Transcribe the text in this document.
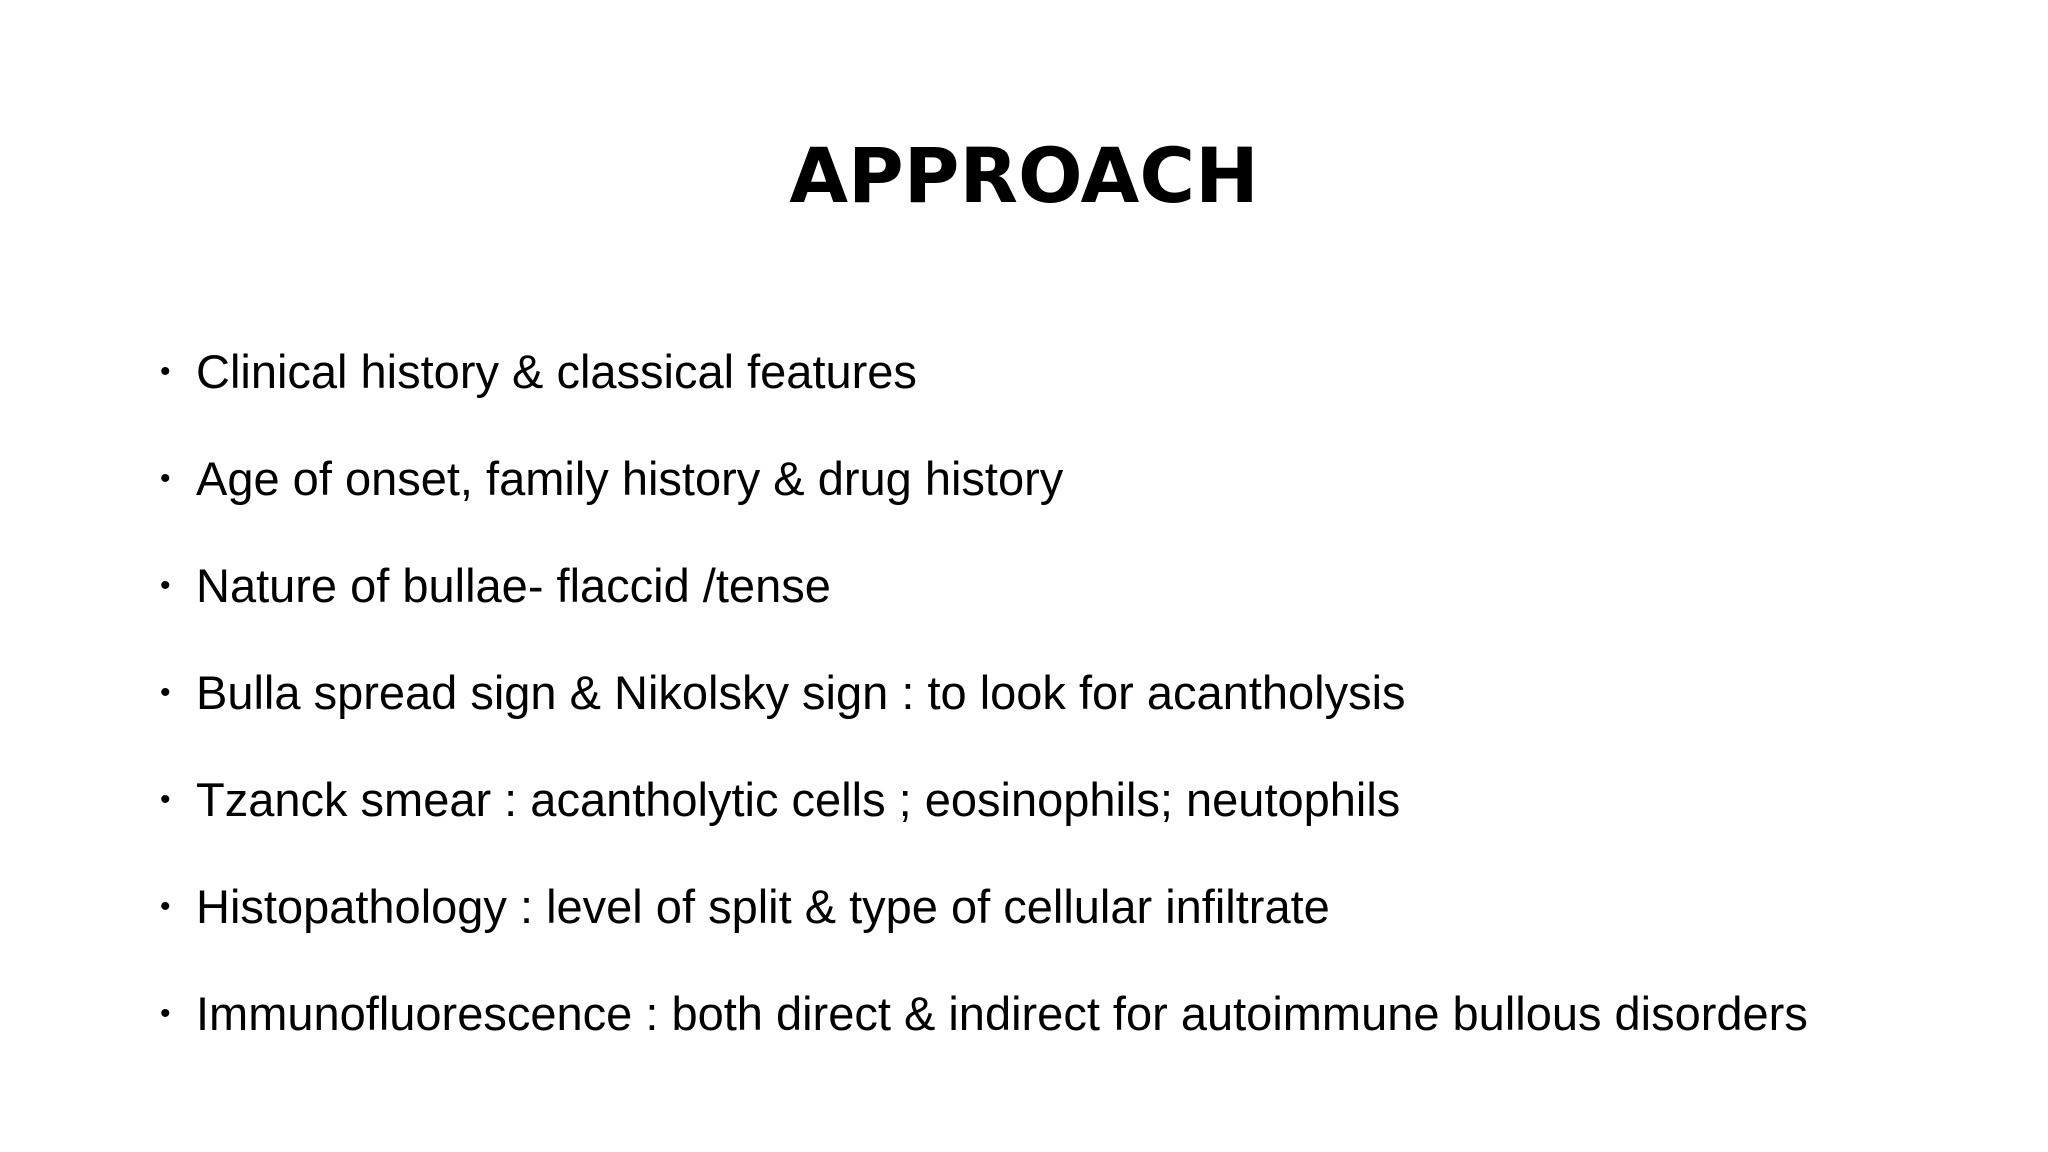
APPROACH
• Clinical history & classical features
• Age of onset, family history & drug history
• Nature of bullae- flaccid /tense
• Bulla spread sign & Nikolsky sign : to look for acantholysis
• Tzanck smear : acantholytic cells ; eosinophils; neutophils
• Histopathology : level of split & type of cellular infiltrate
• Immunofluorescence : both direct & indirect for autoimmune bullous disorders
